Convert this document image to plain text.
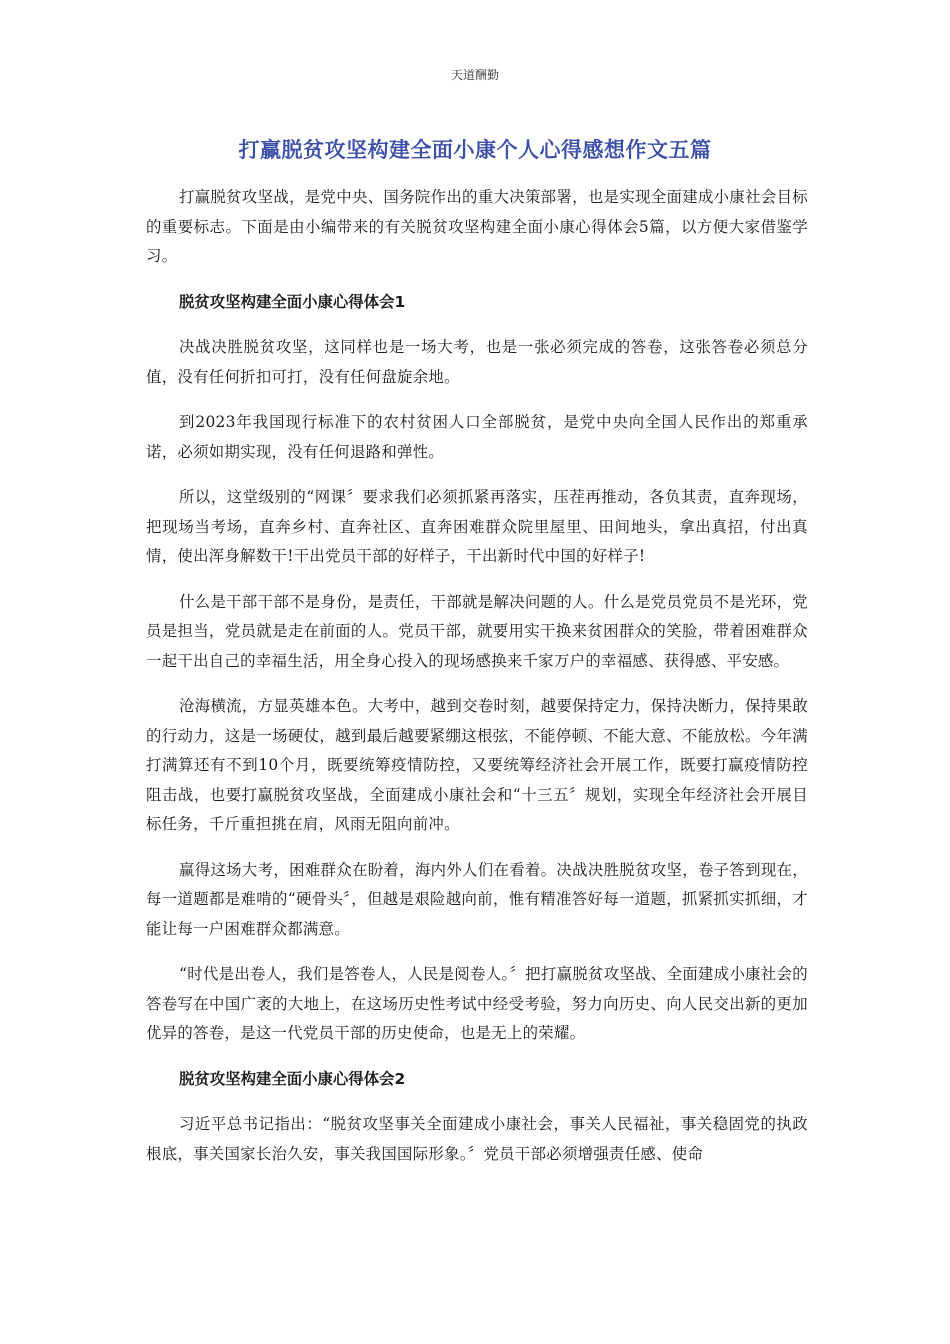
天道酬勤
打赢脱贫攻坚构建全面小康个人心得感想作文五篇

打赢脱贫攻坚战，是党中央、国务院作出的重大决策部署，也是实现全面建成小康社会目标的重要标志。下面是由小编带来的有关脱贫攻坚构建全面小康心得体会5篇，以方便大家借鉴学习。

脱贫攻坚构建全面小康心得体会1

决战决胜脱贫攻坚，这同样也是一场大考，也是一张必须完成的答卷，这张答卷必须总分值，没有任何折扣可打，没有任何盘旋余地。

到2023年我国现行标准下的农村贫困人口全部脱贫，是党中央向全国人民作出的郑重承诺，必须如期实现，没有任何退路和弹性。

所以，这堂级别的“网课〞要求我们必须抓紧再落实，压茬再推动，各负其责，直奔现场，把现场当考场，直奔乡村、直奔社区、直奔困难群众院里屋里、田间地头，拿出真招，付出真情，使出浑身解数干!干出党员干部的好样子，干出新时代中国的好样子!

什么是干部干部不是身份，是责任，干部就是解决问题的人。什么是党员党员不是光环，党员是担当，党员就是走在前面的人。党员干部，就要用实干换来贫困群众的笑脸，带着困难群众一起干出自己的幸福生活，用全身心投入的现场感换来千家万户的幸福感、获得感、平安感。

沧海横流，方显英雄本色。大考中，越到交卷时刻，越要保持定力，保持决断力，保持果敢的行动力，这是一场硬仗，越到最后越要紧绷这根弦，不能停顿、不能大意、不能放松。今年满打满算还有不到10个月，既要统筹疫情防控，又要统筹经济社会开展工作，既要打赢疫情防控阻击战，也要打赢脱贫攻坚战，全面建成小康社会和“十三五〞规划，实现全年经济社会开展目标任务，千斤重担挑在肩，风雨无阻向前冲。

赢得这场大考，困难群众在盼着，海内外人们在看着。决战决胜脱贫攻坚，卷子答到现在，每一道题都是难啃的“硬骨头〞，但越是艰险越向前，惟有精准答好每一道题，抓紧抓实抓细，才能让每一户困难群众都满意。

“时代是出卷人，我们是答卷人，人民是阅卷人。〞把打赢脱贫攻坚战、全面建成小康社会的答卷写在中国广袤的大地上，在这场历史性考试中经受考验，努力向历史、向人民交出新的更加优异的答卷，是这一代党员干部的历史使命，也是无上的荣耀。

脱贫攻坚构建全面小康心得体会2

习近平总书记指出：“脱贫攻坚事关全面建成小康社会，事关人民福祉，事关稳固党的执政根底，事关国家长治久安，事关我国国际形象。〞党员干部必须增强责任感、使命
